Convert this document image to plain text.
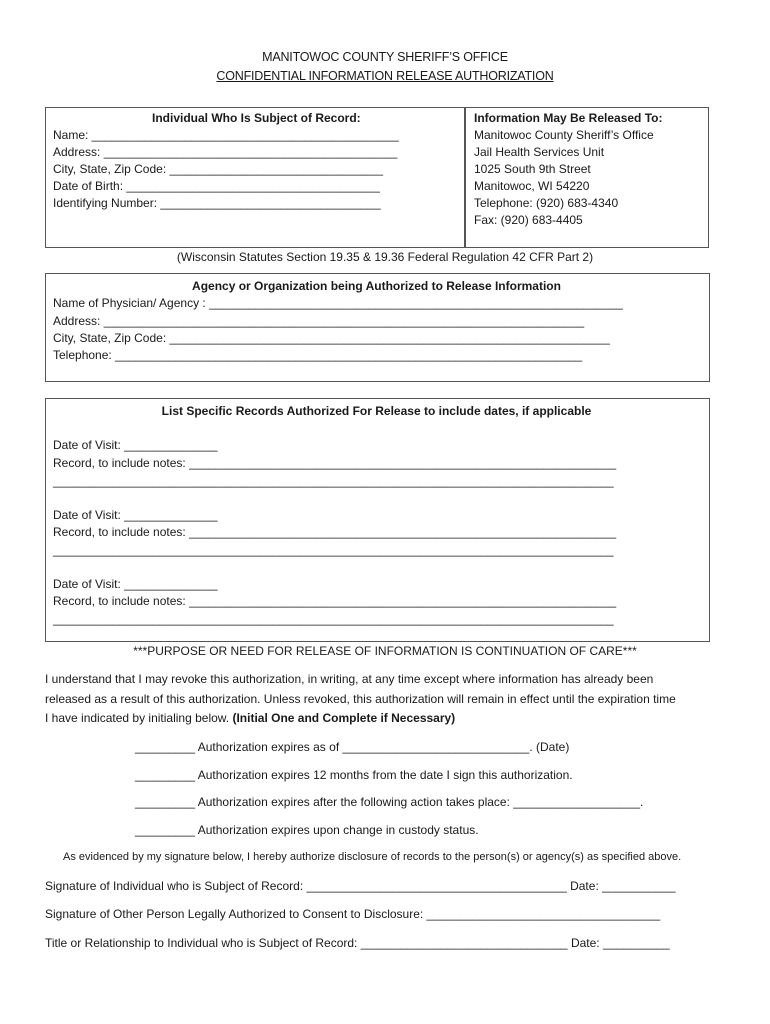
MANITOWOC COUNTY SHERIFF’S OFFICE
CONFIDENTIAL INFORMATION RELEASE AUTHORIZATION
Individual Who Is Subject of Record:
Name: ______________________________________________
Address: ____________________________________________
City, State, Zip Code: ________________________________
Date of Birth: ______________________________________
Identifying Number: _________________________________
Information May Be Released To:
Manitowoc County Sheriff’s Office
Jail Health Services Unit
1025 South 9th Street
Manitowoc, WI 54220
Telephone: (920) 683-4340
Fax: (920) 683-4405
(Wisconsin Statutes Section 19.35 & 19.36 Federal Regulation 42 CFR Part 2)
Agency or Organization being Authorized to Release Information
Name of Physician/ Agency : ______________________________________________________________
Address: ________________________________________________________________________
City, State, Zip Code: __________________________________________________________________
Telephone: ______________________________________________________________________
List Specific Records Authorized For Release to include dates, if applicable
Date of Visit: ______________
Record, to include notes: ________________________________________________________________
____________________________________________________________________________________
Date of Visit: ______________
Record, to include notes: ________________________________________________________________
____________________________________________________________________________________
Date of Visit: ______________
Record, to include notes: ________________________________________________________________
____________________________________________________________________________________
***PURPOSE OR NEED FOR RELEASE OF INFORMATION IS CONTINUATION OF CARE***
I understand that I may revoke this authorization, in writing, at any time except where information has already been
released as a result of this authorization. Unless revoked, this authorization will remain in effect until the expiration time
I have indicated by initialing below. (Initial One and Complete if Necessary)
_________ Authorization expires as of ____________________________. (Date)
_________ Authorization expires 12 months from the date I sign this authorization.
_________ Authorization expires after the following action takes place: ___________________.
_________ Authorization expires upon change in custody status.
As evidenced by my signature below, I hereby authorize disclosure of records to the person(s) or agency(s) as specified above.
Signature of Individual who is Subject of Record: _______________________________________ Date: ___________
Signature of Other Person Legally Authorized to Consent to Disclosure: ___________________________________
Title or Relationship to Individual who is Subject of Record: _______________________________ Date: __________
